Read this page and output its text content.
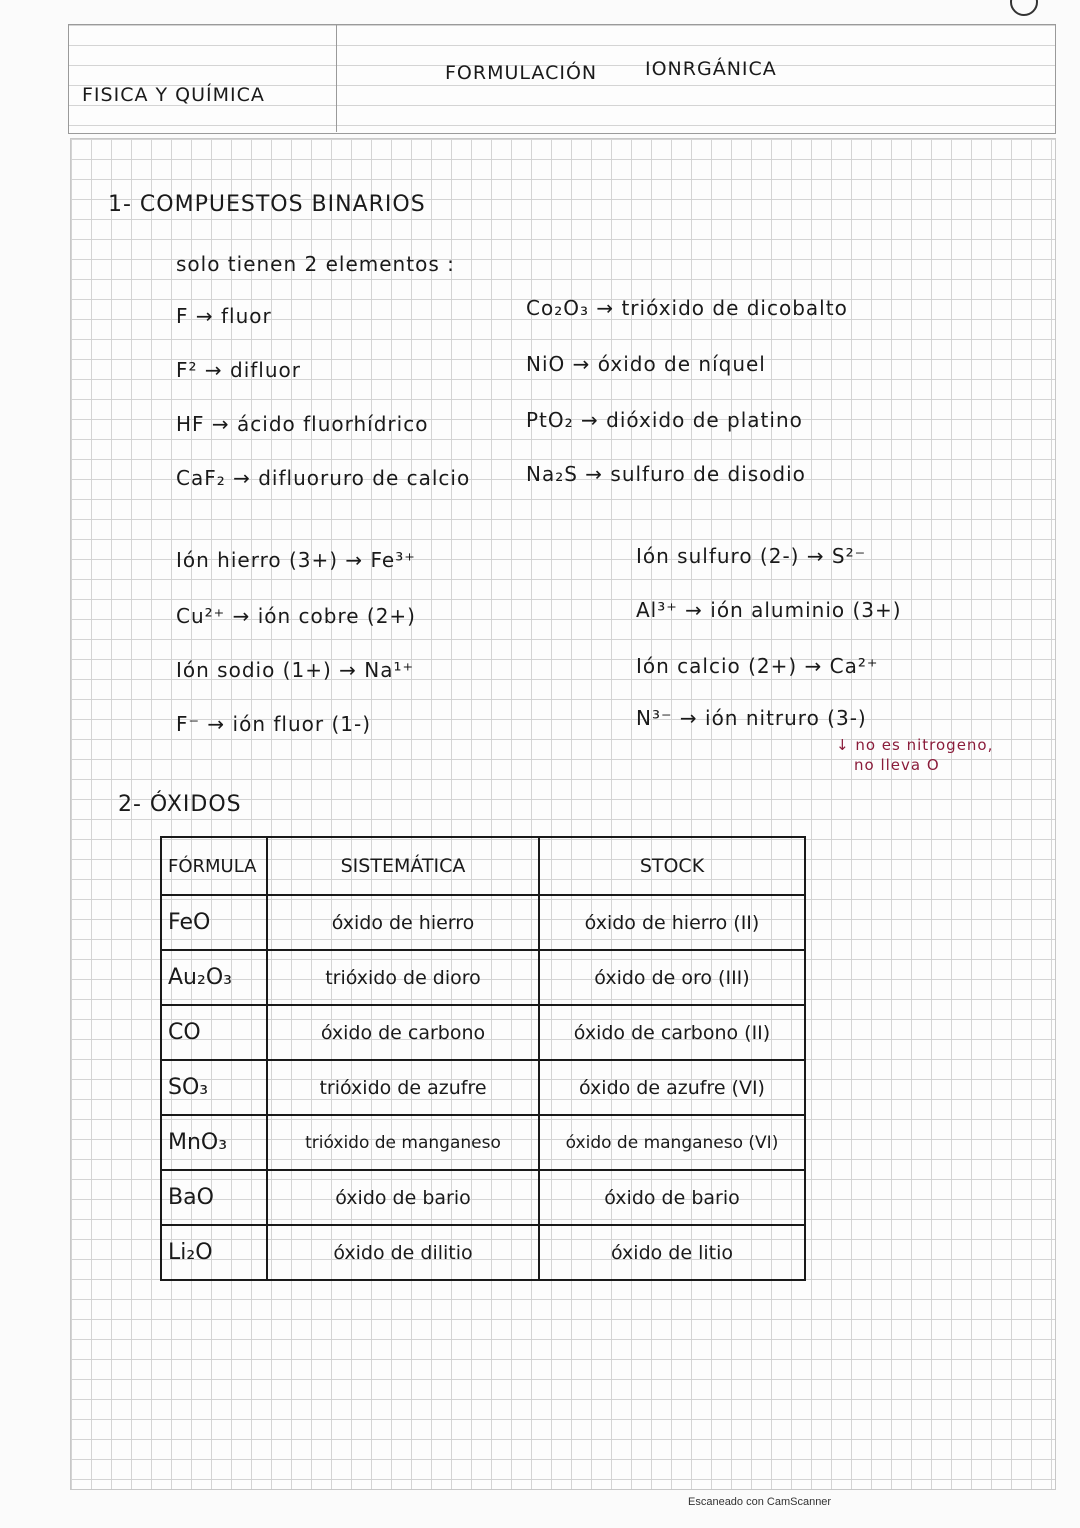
FISICA Y QUÍMICA
FORMULACIÓN	IONRGÁNICA
1- COMPUESTOS BINARIOS
solo tienen 2 elementos :
F → fluor
F² → difluor
HF → ácido fluorhídrico
CaF₂ → difluoruro de calcio
Co₂O₃ → trióxido de dicobalto
NiO → óxido de níquel
PtO₂ → dióxido de platino
Na₂S → sulfuro de disodio
Ión hierro (3+) → Fe³⁺
Cu²⁺ → ión cobre (2+)
Ión sodio (1+) → Na¹⁺
F⁻ → ión fluor (1-)
Ión sulfuro (2-) → S²⁻
Al³⁺ → ión aluminio (3+)
Ión calcio (2+) → Ca²⁺
N³⁻ → ión nitruro (3-)
↓ no es nitrogeno,
no lleva O
2- ÓXIDOS
FÓRMULA	SISTEMÁTICA	STOCK
FeO	óxido de hierro	óxido de hierro (II)
Au₂O₃	trióxido de dioro	óxido de oro (III)
CO	óxido de carbono	óxido de carbono (II)
SO₃	trióxido de azufre	óxido de azufre (VI)
MnO₃	trióxido de manganeso	óxido de manganeso (VI)
BaO	óxido de bario	óxido de bario
Li₂O	óxido de dilitio	óxido de litio
Escaneado con CamScanner
